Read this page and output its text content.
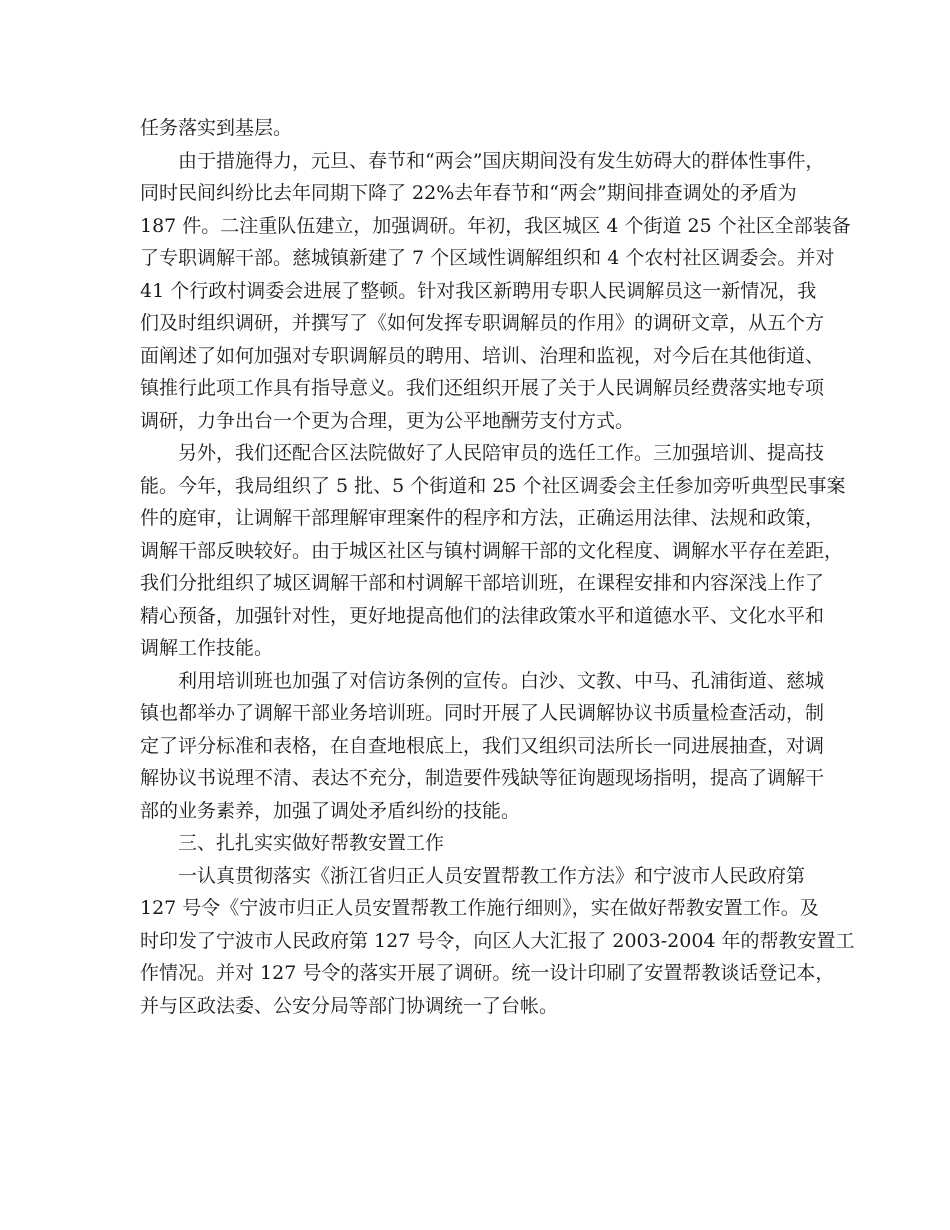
任务落实到基层。
由于措施得力，元旦、春节和“两会”国庆期间没有发生妨碍大的群体性事件，
同时民间纠纷比去年同期下降了 22%去年春节和“两会”期间排查调处的矛盾为
187 件。二注重队伍建立，加强调研。年初，我区城区 4 个街道 25 个社区全部装备
了专职调解干部。慈城镇新建了 7 个区域性调解组织和 4 个农村社区调委会。并对
41 个行政村调委会进展了整顿。针对我区新聘用专职人民调解员这一新情况，我
们及时组织调研，并撰写了《如何发挥专职调解员的作用》的调研文章，从五个方
面阐述了如何加强对专职调解员的聘用、培训、治理和监视，对今后在其他街道、
镇推行此项工作具有指导意义。我们还组织开展了关于人民调解员经费落实地专项
调研，力争出台一个更为合理，更为公平地酬劳支付方式。
另外，我们还配合区法院做好了人民陪审员的选任工作。三加强培训、提高技
能。今年，我局组织了 5 批、5 个街道和 25 个社区调委会主任参加旁听典型民事案
件的庭审，让调解干部理解审理案件的程序和方法，正确运用法律、法规和政策，
调解干部反映较好。由于城区社区与镇村调解干部的文化程度、调解水平存在差距，
我们分批组织了城区调解干部和村调解干部培训班，在课程安排和内容深浅上作了
精心预备，加强针对性，更好地提高他们的法律政策水平和道德水平、文化水平和
调解工作技能。
利用培训班也加强了对信访条例的宣传。白沙、文教、中马、孔浦街道、慈城
镇也都举办了调解干部业务培训班。同时开展了人民调解协议书质量检查活动，制
定了评分标准和表格，在自查地根底上，我们又组织司法所长一同进展抽查，对调
解协议书说理不清、表达不充分，制造要件残缺等征询题现场指明，提高了调解干
部的业务素养，加强了调处矛盾纠纷的技能。
三、扎扎实实做好帮教安置工作
一认真贯彻落实《浙江省归正人员安置帮教工作方法》和宁波市人民政府第
127 号令《宁波市归正人员安置帮教工作施行细则》，实在做好帮教安置工作。及
时印发了宁波市人民政府第 127 号令，向区人大汇报了 2003-2004 年的帮教安置工
作情况。并对 127 号令的落实开展了调研。统一设计印刷了安置帮教谈话登记本，
并与区政法委、公安分局等部门协调统一了台帐。
